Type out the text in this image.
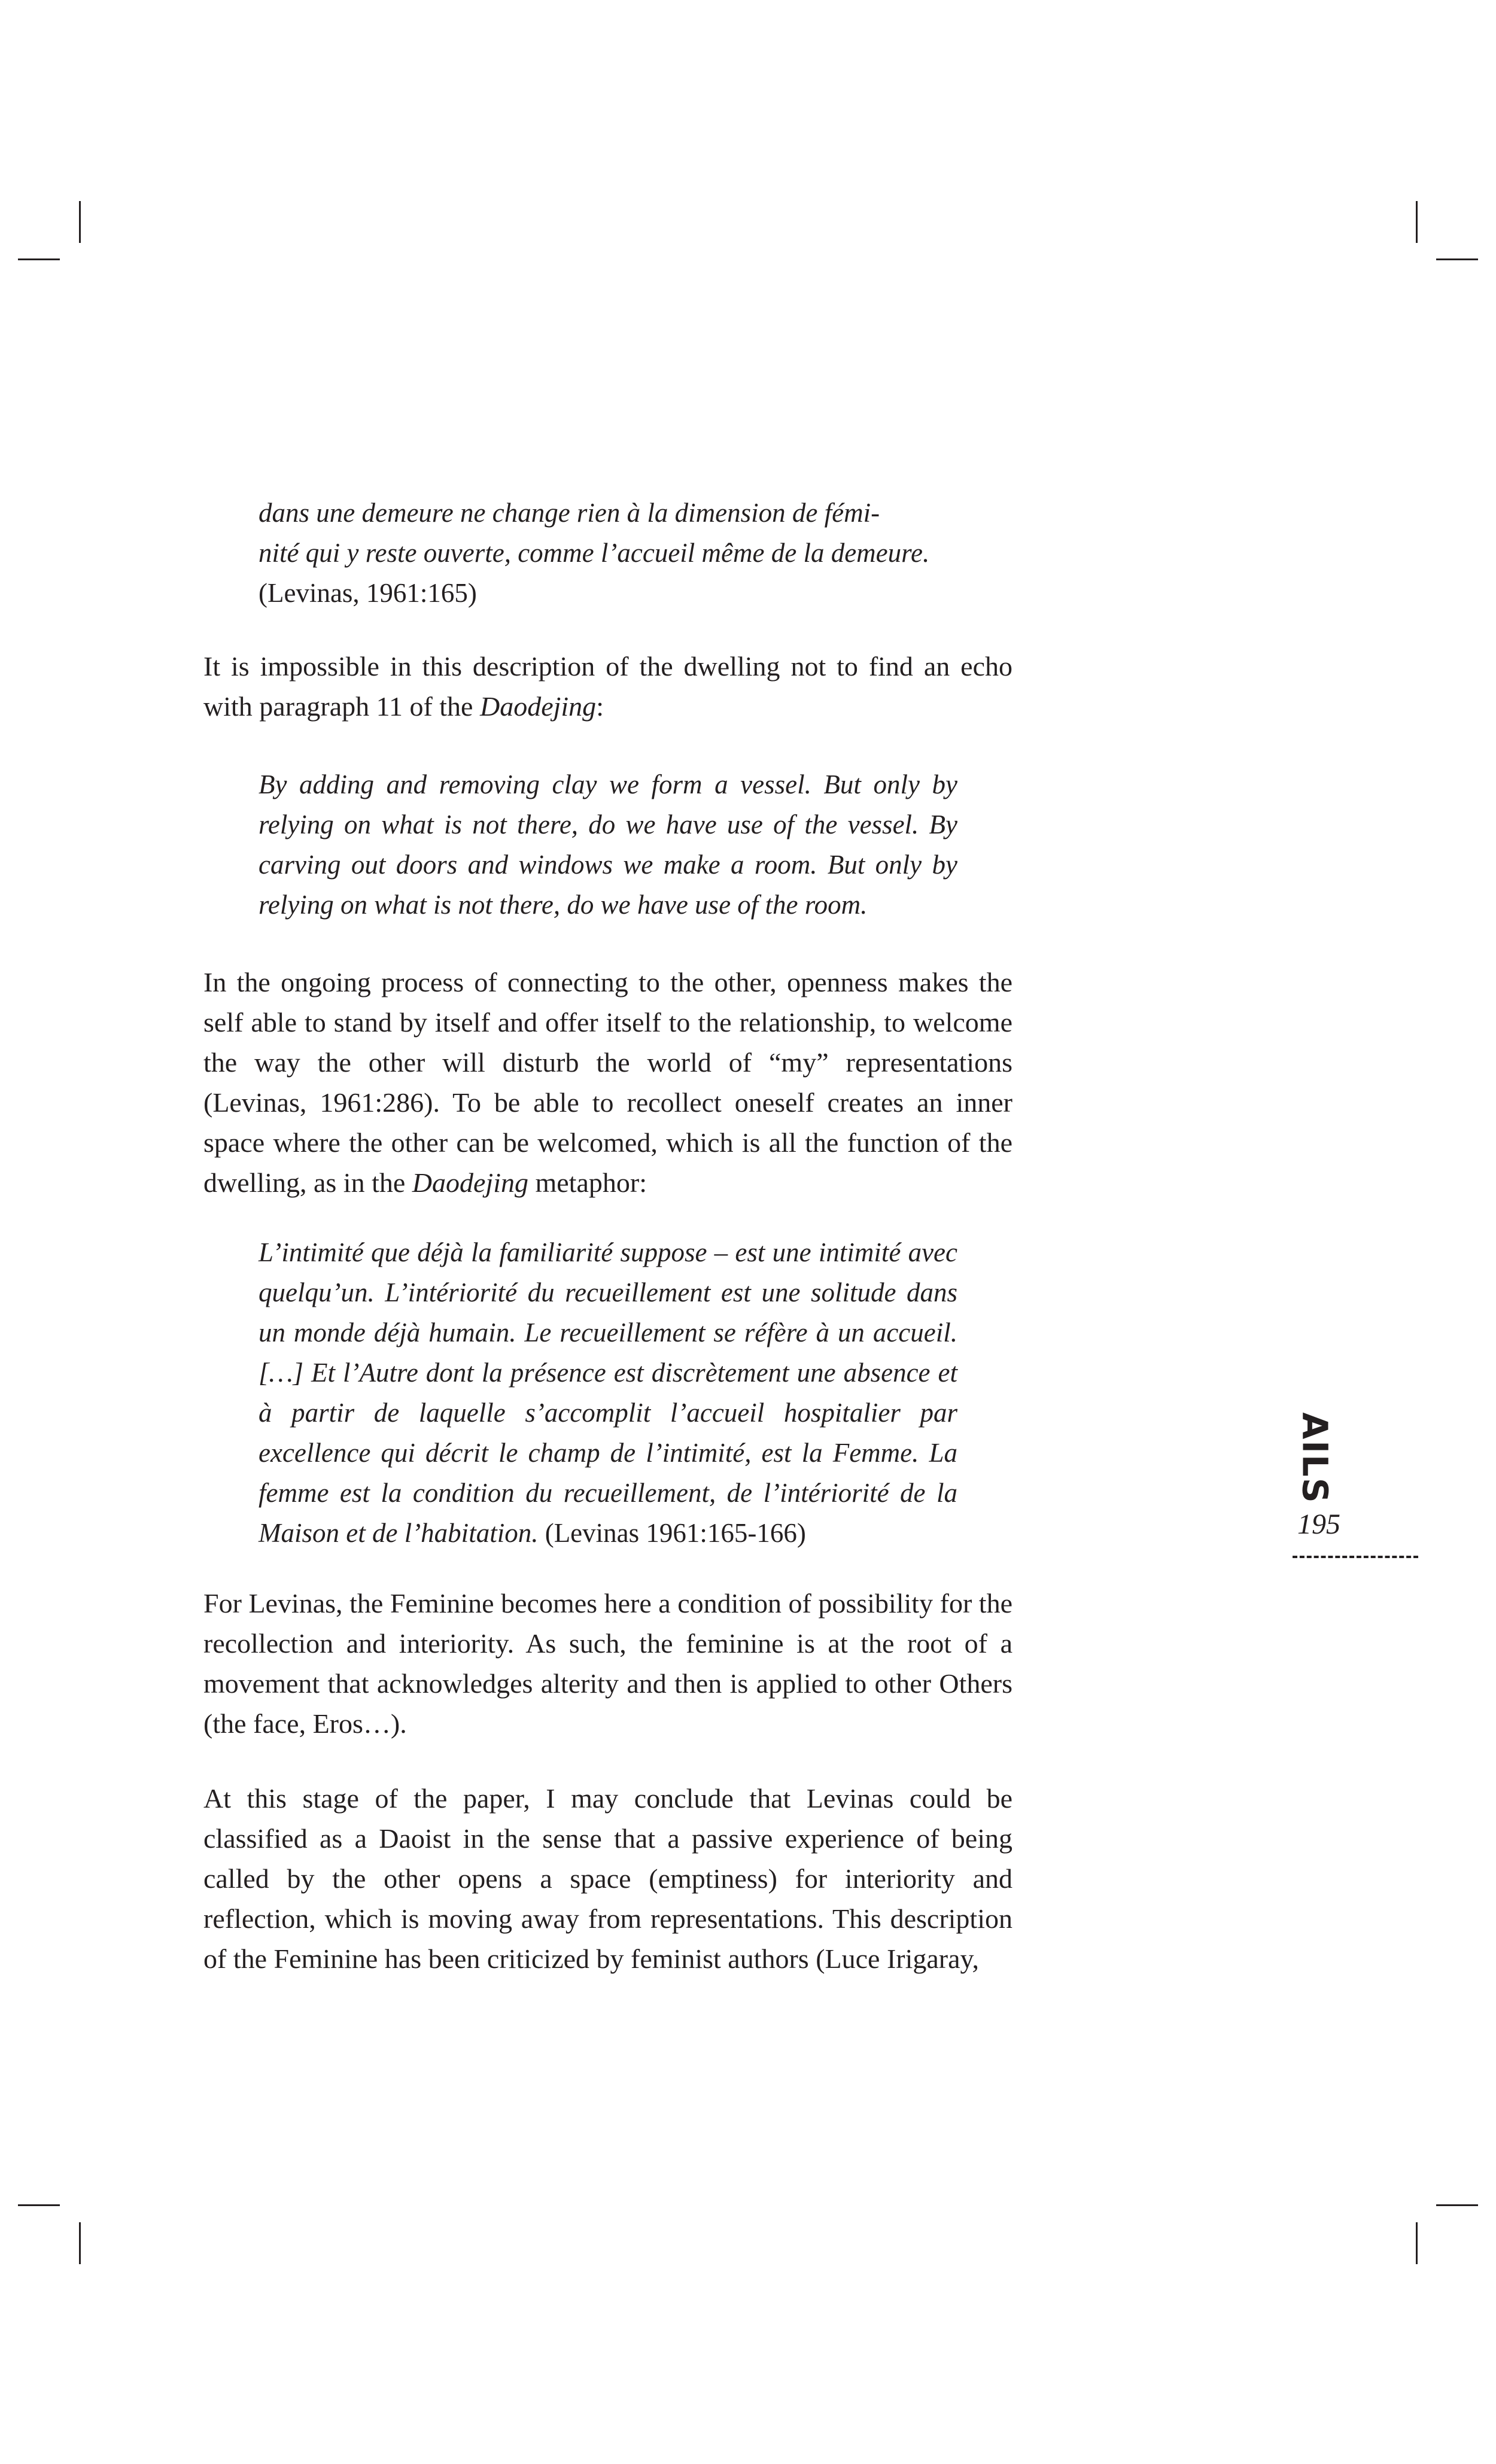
dans une demeure ne change rien à la dimension de fémi-
nité qui y reste ouverte, comme l’accueil même de la demeure.
(Levinas, 1961:165)

It is impossible in this description of the dwelling not to find an echo with paragraph 11 of the Daodejing:

By adding and removing clay we form a vessel. But only by relying on what is not there, do we have use of the vessel. By carving out doors and windows we make a room. But only by relying on what is not there, do we have use of the room.

In the ongoing process of connecting to the other, openness makes the self able to stand by itself and offer itself to the relationship, to welcome the way the other will disturb the world of “my” representations (Levinas, 1961:286). To be able to recollect oneself creates an inner space where the other can be welcomed, which is all the function of the dwelling, as in the Daodejing metaphor:

L’intimité que déjà la familiarité suppose – est une intimité avec quelqu’un. L’intériorité du recueillement est une solitude dans un monde déjà humain. Le recueillement se réfère à un accueil. […] Et l’Autre dont la présence est discrètement une absence et à partir de laquelle s’accomplit l’accueil hospitalier par excellence qui décrit le champ de l’intimité, est la Femme. La femme est la condition du recueillement, de l’intériorité de la Maison et de l’habitation. (Levinas 1961:165-166)

For Levinas, the Feminine becomes here a condition of possibility for the recollection and interiority. As such, the feminine is at the root of a movement that acknowledges alterity and then is applied to other Others (the face, Eros…).

At this stage of the paper, I may conclude that Levinas could be classified as a Daoist in the sense that a passive experience of being called by the other opens a space (emptiness) for interiority and reflection, which is moving away from representations. This description of the Feminine has been criticized by feminist authors (Luce Irigaray,

AILS
195
